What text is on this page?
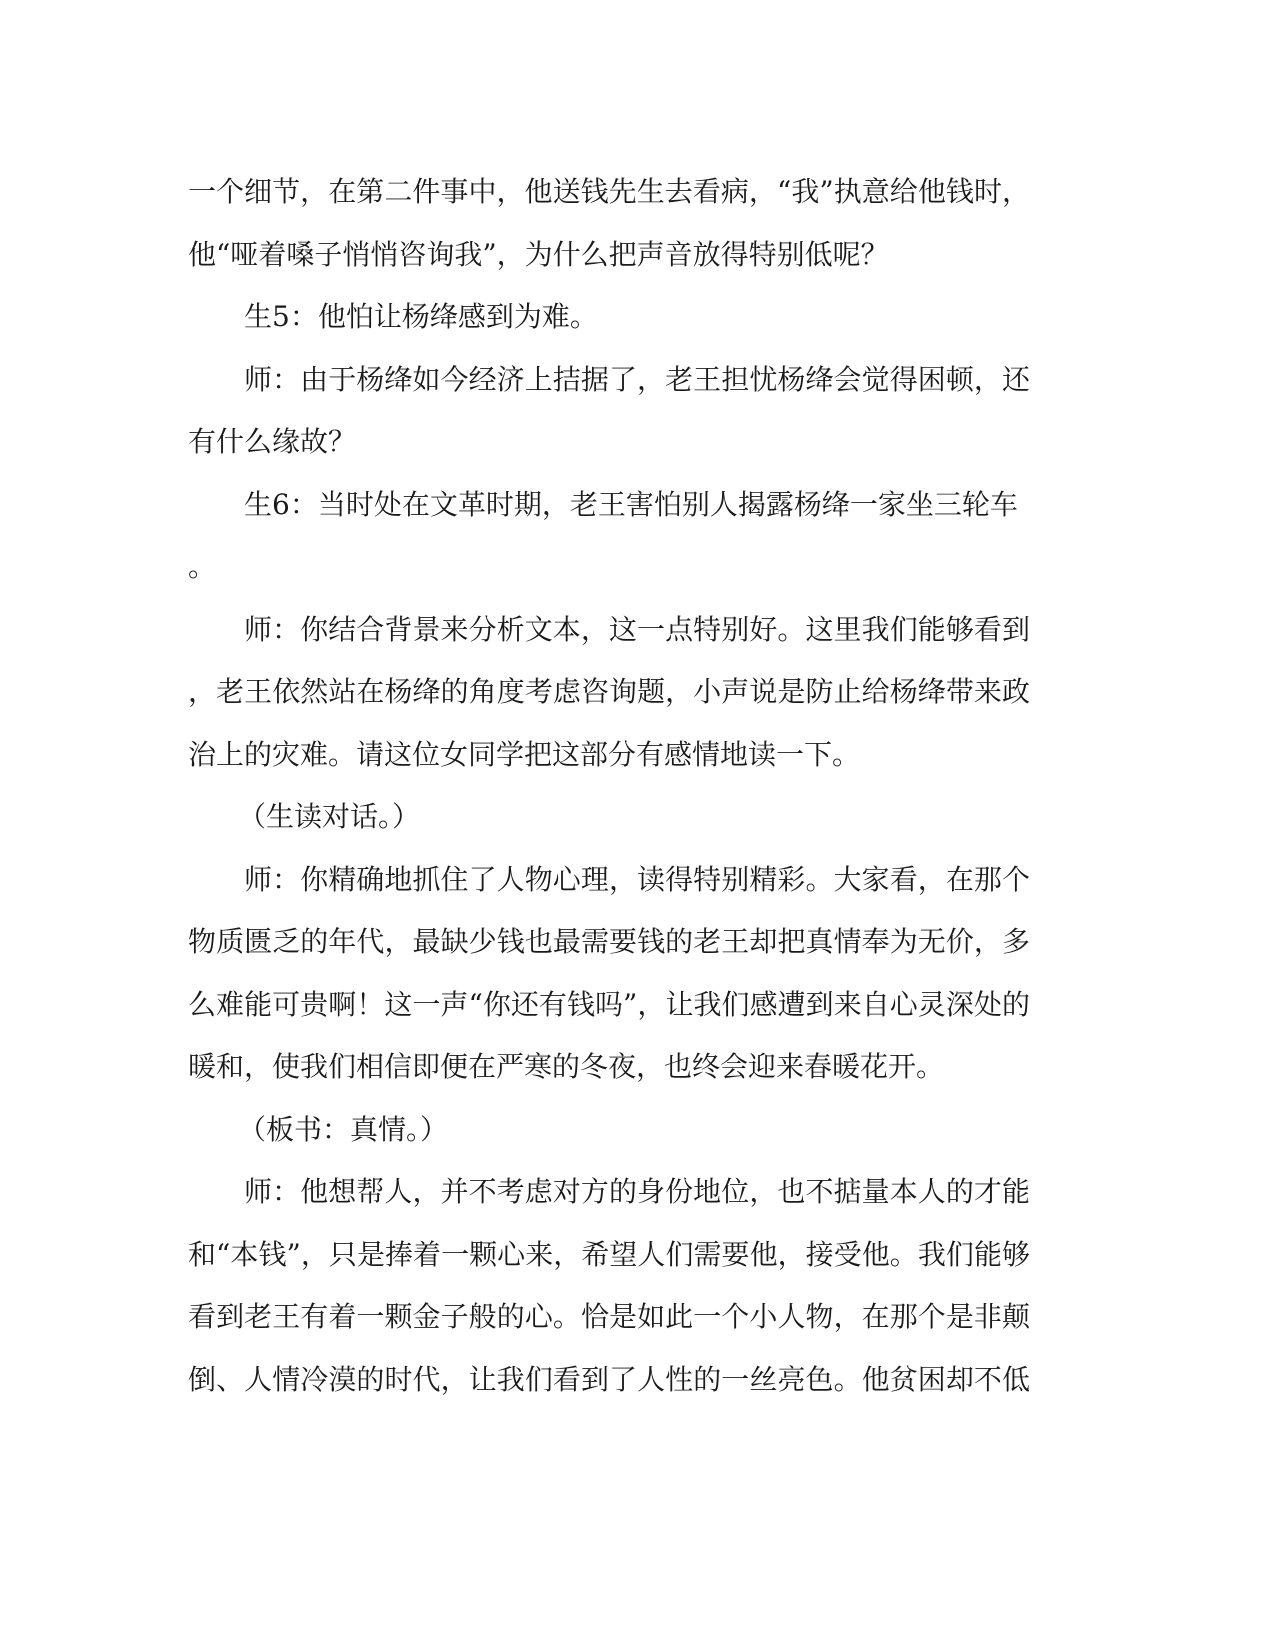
一个细节，在第二件事中，他送钱先生去看病，“我”执意给他钱时，
他“哑着嗓子悄悄咨询我”，为什么把声音放得特别低呢？
生5：他怕让杨绛感到为难。
师：由于杨绛如今经济上拮据了，老王担忧杨绛会觉得困顿，还
有什么缘故？
生6：当时处在文革时期，老王害怕别人揭露杨绛一家坐三轮车
。
师：你结合背景来分析文本，这一点特别好。这里我们能够看到
，老王依然站在杨绛的角度考虑咨询题，小声说是防止给杨绛带来政
治上的灾难。请这位女同学把这部分有感情地读一下。
（生读对话。）
师：你精确地抓住了人物心理，读得特别精彩。大家看，在那个
物质匮乏的年代，最缺少钱也最需要钱的老王却把真情奉为无价，多
么难能可贵啊！这一声“你还有钱吗”，让我们感遭到来自心灵深处的
暖和，使我们相信即便在严寒的冬夜，也终会迎来春暖花开。
（板书：真情。）
师：他想帮人，并不考虑对方的身份地位，也不掂量本人的才能
和“本钱”，只是捧着一颗心来，希望人们需要他，接受他。我们能够
看到老王有着一颗金子般的心。恰是如此一个小人物，在那个是非颠
倒、人情冷漠的时代，让我们看到了人性的一丝亮色。他贫困却不低
